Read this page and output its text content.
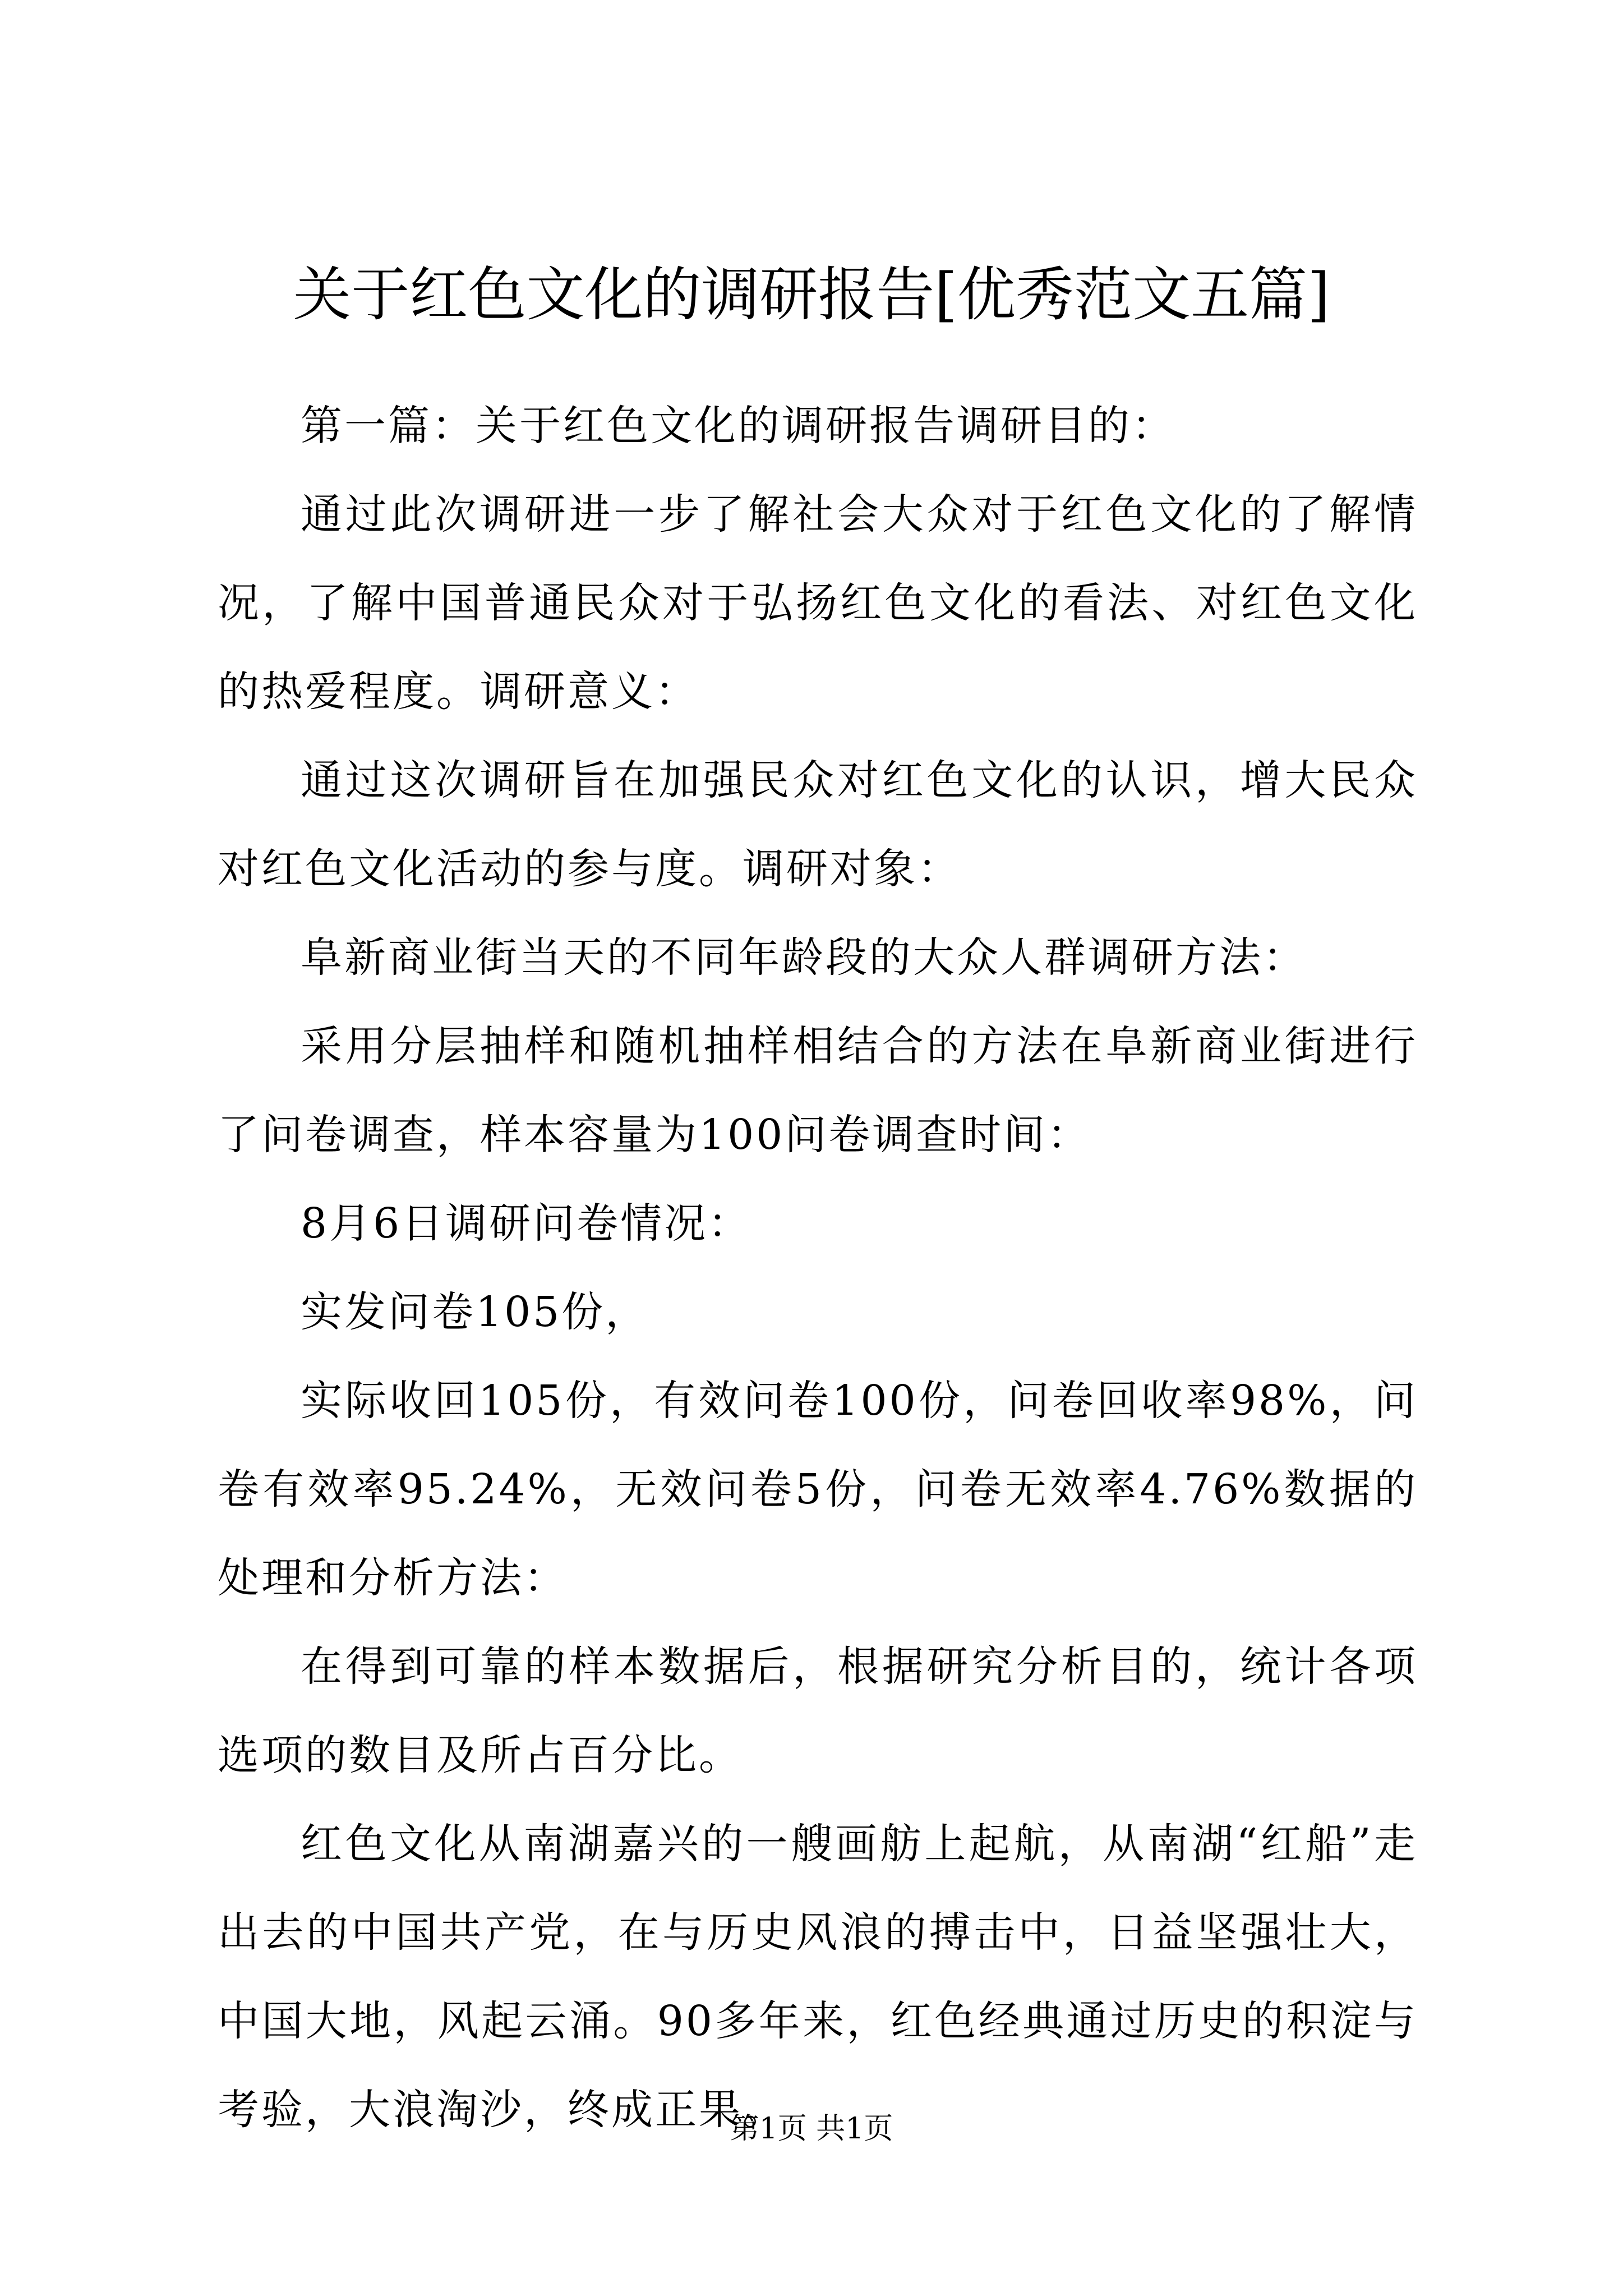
关于红色文化的调研报告[优秀范文五篇]

第一篇：关于红色文化的调研报告调研目的：

通过此次调研进一步了解社会大众对于红色文化的了解情况，了解中国普通民众对于弘扬红色文化的看法、对红色文化的热爱程度。调研意义：

通过这次调研旨在加强民众对红色文化的认识，增大民众对红色文化活动的参与度。调研对象：

阜新商业街当天的不同年龄段的大众人群调研方法：

采用分层抽样和随机抽样相结合的方法在阜新商业街进行了问卷调查，样本容量为100问卷调查时间：

8月6日调研问卷情况：

实发问卷105份，

实际收回105份，有效问卷100份，问卷回收率98%，问卷有效率95.24%，无效问卷5份，问卷无效率4.76%数据的处理和分析方法：

在得到可靠的样本数据后，根据研究分析目的，统计各项选项的数目及所占百分比。

红色文化从南湖嘉兴的一艘画舫上起航，从南湖“红船”走出去的中国共产党，在与历史风浪的搏击中，日益坚强壮大，中国大地，风起云涌。90多年来，红色经典通过历史的积淀与考验，大浪淘沙，终成正果。

第1页 共1页
